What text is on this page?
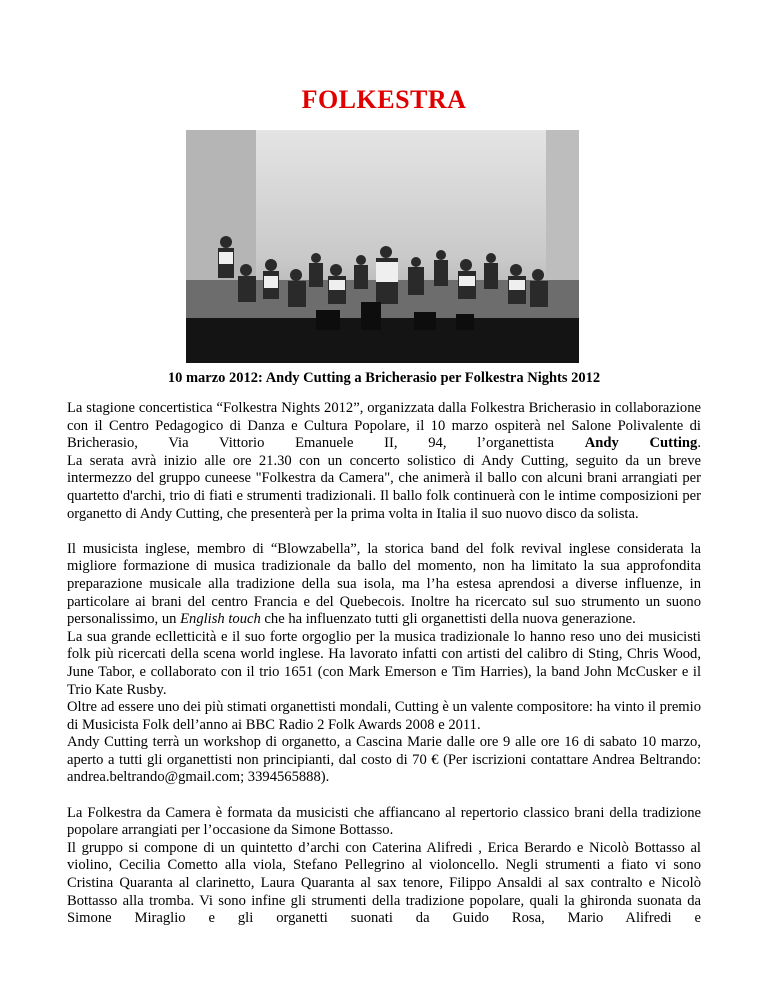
FOLKESTRA
10 marzo 2012: Andy Cutting a Bricherasio per Folkestra Nights 2012

La stagione concertistica “Folkestra Nights 2012”, organizzata dalla Folkestra Bricherasio in collaborazione con il Centro Pedagogico di Danza e Cultura Popolare, il 10 marzo ospiterà nel Salone Polivalente di Bricherasio, Via Vittorio Emanuele II, 94, l’organettista Andy Cutting.

La serata avrà inizio alle ore 21.30 con un concerto solistico di Andy Cutting, seguito da un breve intermezzo del gruppo cuneese "Folkestra da Camera", che animerà il ballo con alcuni brani arrangiati per quartetto d'archi, trio di fiati e strumenti tradizionali. Il ballo folk continuerà con le intime composizioni per organetto di Andy Cutting, che presenterà per la prima volta in Italia il suo nuovo disco da solista.

Il musicista inglese, membro di “Blowzabella”, la storica band del folk revival inglese considerata la migliore formazione di musica tradizionale da ballo del momento, non ha limitato la sua approfondita preparazione musicale alla tradizione della sua isola, ma l’ha estesa aprendosi a diverse influenze, in particolare ai brani del centro Francia e del Quebecois. Inoltre ha ricercato sul suo strumento un suono personalissimo, un English touch che ha influenzato tutti gli organettisti della nuova generazione.

La sua grande eclletticità e il suo forte orgoglio per la musica tradizionale lo hanno reso uno dei musicisti folk più ricercati della scena world inglese. Ha lavorato infatti con artisti del calibro di Sting, Chris Wood, June Tabor, e collaborato con il trio 1651 (con Mark Emerson e Tim Harries), la band John McCusker e il Trio Kate Rusby.

Oltre ad essere uno dei più stimati organettisti mondali, Cutting è un valente compositore: ha vinto il premio di Musicista Folk dell’anno ai BBC Radio 2 Folk Awards 2008 e 2011.

Andy Cutting terrà un workshop di organetto, a Cascina Marie dalle ore 9 alle ore 16 di sabato 10 marzo, aperto a tutti gli organettisti non principianti, dal costo di 70 € (Per iscrizioni contattare Andrea Beltrando: andrea.beltrando@gmail.com; 3394565888).

La Folkestra da Camera è formata da musicisti che affiancano al repertorio classico brani della tradizione popolare arrangiati per l’occasione da Simone Bottasso.

Il gruppo si compone di un quintetto d’archi con Caterina Alifredi , Erica Berardo e Nicolò Bottasso al violino, Cecilia Cometto alla viola, Stefano Pellegrino al violoncello. Negli strumenti a fiato vi sono Cristina Quaranta al clarinetto, Laura Quaranta al sax tenore, Filippo Ansaldi al sax contralto e Nicolò Bottasso alla tromba. Vi sono infine gli strumenti della tradizione popolare, quali la ghironda suonata da Simone Miraglio e gli organetti suonati da Guido Rosa, Mario Alifredi e
